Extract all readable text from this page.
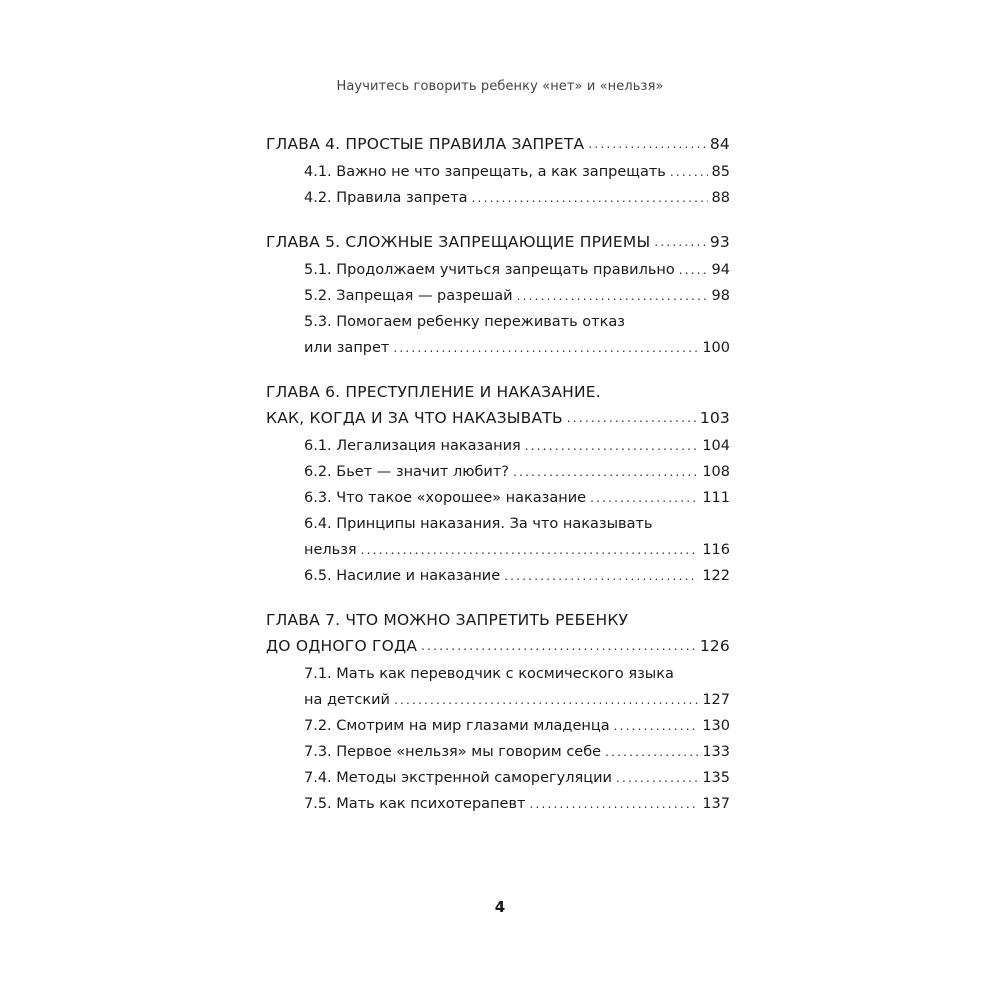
Научитесь говорить ребенку «нет» и «нельзя»
ГЛАВА 4. ПРОСТЫЕ ПРАВИЛА ЗАПРЕТА .....	84
4.1. Важно не что запрещать, а как запрещать .....	85
4.2. Правила запрета .....	88
ГЛАВА 5. СЛОЖНЫЕ ЗАПРЕЩАЮЩИЕ ПРИЕМЫ .....	93
5.1. Продолжаем учиться запрещать правильно .....	94
5.2. Запрещая — разрешай .....	98
5.3. Помогаем ребенку переживать отказ
или запрет .....	100
ГЛАВА 6. ПРЕСТУПЛЕНИЕ И НАКАЗАНИЕ.
КАК, КОГДА И ЗА ЧТО НАКАЗЫВАТЬ .....	103
6.1. Легализация наказания .....	104
6.2. Бьет — значит любит? .....	108
6.3. Что такое «хорошее» наказание .....	111
6.4. Принципы наказания. За что наказывать
нельзя .....	116
6.5. Насилие и наказание .....	122
ГЛАВА 7. ЧТО МОЖНО ЗАПРЕТИТЬ РЕБЕНКУ
ДО ОДНОГО ГОДА .....	126
7.1. Мать как переводчик с космического языка
на детский .....	127
7.2. Смотрим на мир глазами младенца .....	130
7.3. Первое «нельзя» мы говорим себе .....	133
7.4. Методы экстренной саморегуляции .....	135
7.5. Мать как психотерапевт .....	137
4
